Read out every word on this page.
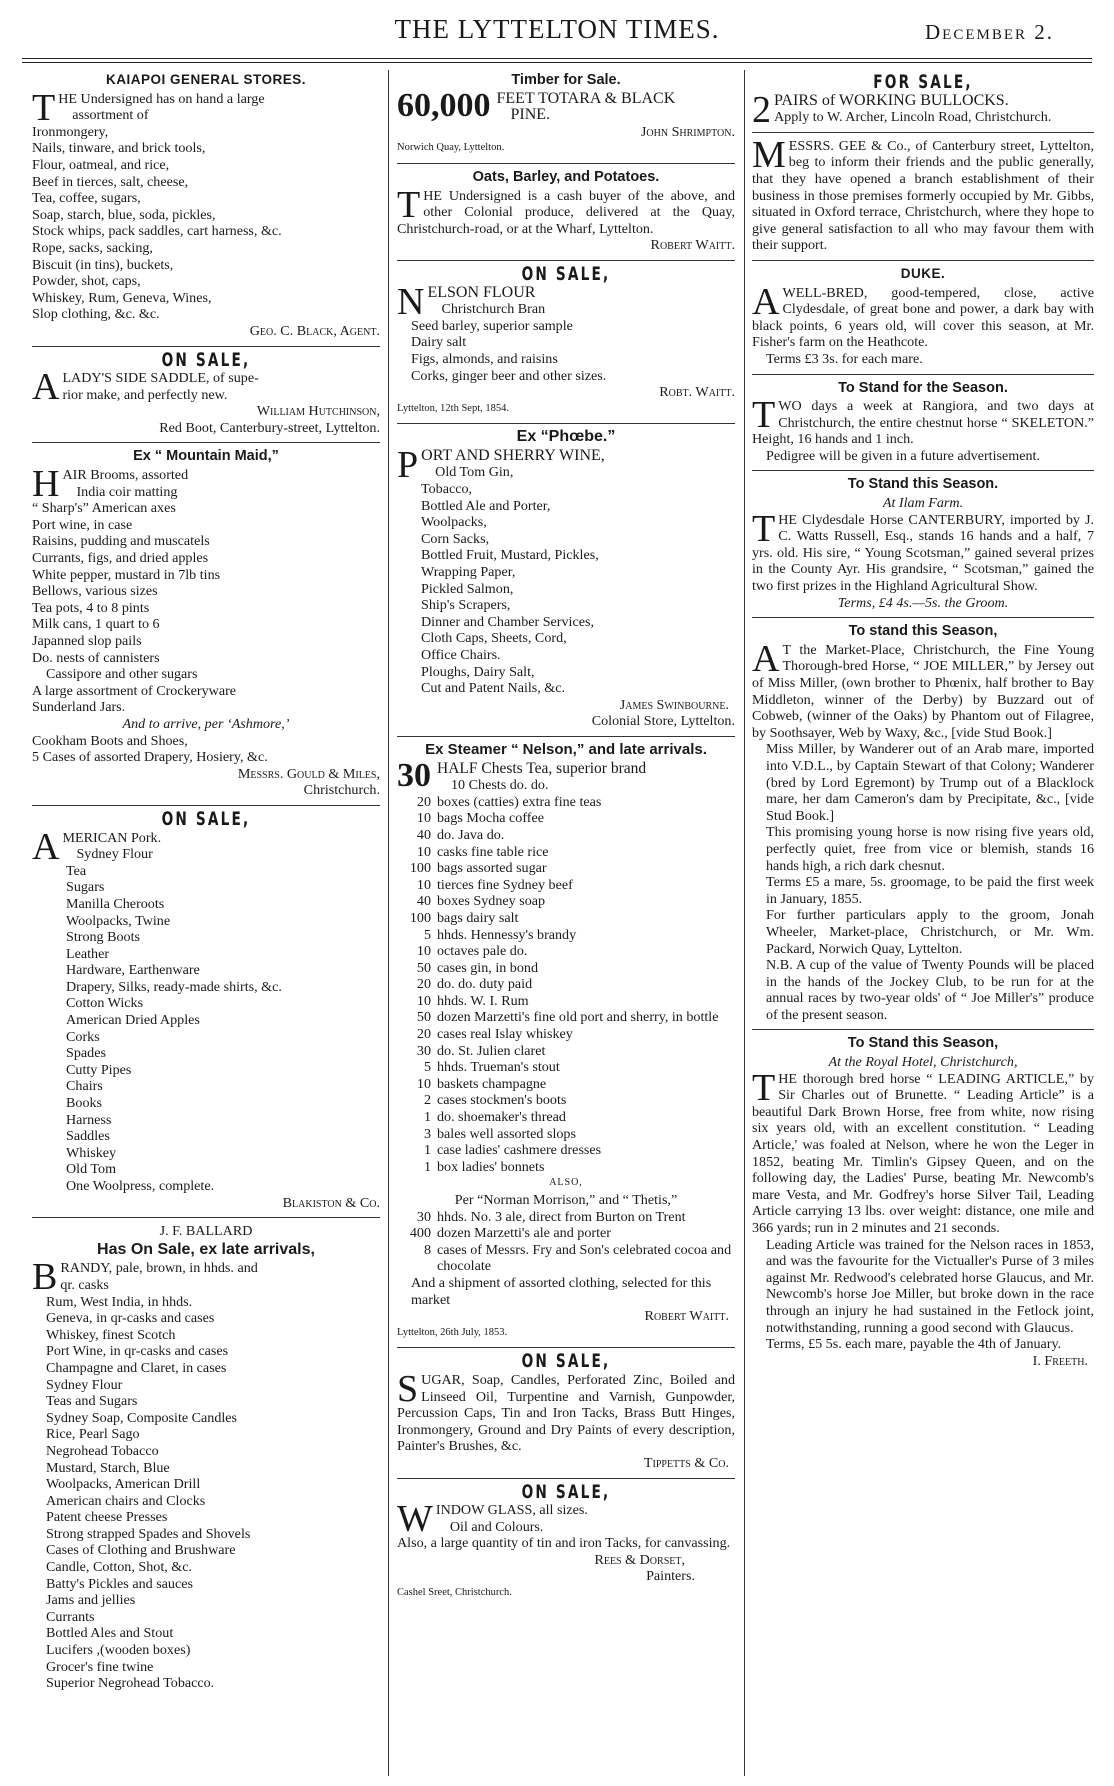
THE LYTTELTON TIMES.	December 2.
KAIAPOI GENERAL STORES.
THE Undersigned has on hand a large
assortment of
Ironmongery,
Nails, tinware, and brick tools,
Flour, oatmeal, and rice,
Beef in tierces, salt, cheese,
Tea, coffee, sugars,
Soap, starch, blue, soda, pickles,
Stock whips, pack saddles, cart harness, &c.
Rope, sacks, sacking,
Biscuit (in tins), buckets,
Powder, shot, caps,
Whiskey, Rum, Geneva, Wines,
Slop clothing, &c. &c.
Geo. C. Black, Agent.
ON SALE,
ALADY'S SIDE SADDLE, of supe-
rior make, and perfectly new.
William Hutchinson,
Red Boot, Canterbury-street, Lyttelton.
Ex “ Mountain Maid,”
HAIR Brooms, assorted
India coir matting
“ Sharp's” American axes
Port wine, in case
Raisins, pudding and muscatels
Currants, figs, and dried apples
White pepper, mustard in 7lb tins
Bellows, various sizes
Tea pots, 4 to 8 pints
Milk cans, 1 quart to 6
Japanned slop pails
Do. nests of cannisters
Cassipore and other sugars
A large assortment of Crockeryware
Sunderland Jars.
And to arrive, per ‘Ashmore,’
Cookham Boots and Shoes,
5 Cases of assorted Drapery, Hosiery, &c.
Messrs. Gould & Miles,
Christchurch.
ON SALE,
AMERICAN Pork.
Sydney Flour
Tea
Sugars
Manilla Cheroots
Woolpacks, Twine
Strong Boots
Leather
Hardware, Earthenware
Drapery, Silks, ready-made shirts, &c.
Cotton Wicks
American Dried Apples
Corks
Spades
Cutty Pipes
Chairs
Books
Harness
Saddles
Whiskey
Old Tom
One Woolpress, complete.
Blakiston & Co.
J. F. BALLARD
Has On Sale, ex late arrivals,
BRANDY, pale, brown, in hhds. and
qr. casks
Rum, West India, in hhds.
Geneva, in qr-casks and cases
Whiskey, finest Scotch
Port Wine, in qr-casks and cases
Champagne and Claret, in cases
Sydney Flour
Teas and Sugars
Sydney Soap, Composite Candles
Rice, Pearl Sago
Negrohead Tobacco
Mustard, Starch, Blue
Woolpacks, American Drill
American chairs and Clocks
Patent cheese Presses
Strong strapped Spades and Shovels
Cases of Clothing and Brushware
Candle, Cotton, Shot, &c.
Batty's Pickles and sauces
Jams and jellies
Currants
Bottled Ales and Stout
Lucifers ,(wooden boxes)
Grocer's fine twine
Superior Negrohead Tobacco.
Timber for Sale.
60,000 FEET TOTARA & BLACK
PINE.
John Shrimpton.
Norwich Quay, Lyttelton.
Oats, Barley, and Potatoes.
THE Undersigned is a cash buyer of the above, and other Colonial produce, delivered at the Quay, Christchurch-road, or at the Wharf, Lyttelton.
Robert Waitt.
ON SALE,
NELSON FLOUR
Christchurch Bran
Seed barley, superior sample
Dairy salt
Figs, almonds, and raisins
Corks, ginger beer and other sizes.
Robt. Waitt.
Lyttelton, 12th Sept, 1854.
Ex “Phœbe.”
PORT AND SHERRY WINE,
Old Tom Gin,
Tobacco,
Bottled Ale and Porter,
Woolpacks,
Corn Sacks,
Bottled Fruit, Mustard, Pickles,
Wrapping Paper,
Pickled Salmon,
Ship's Scrapers,
Dinner and Chamber Services,
Cloth Caps, Sheets, Cord,
Office Chairs.
Ploughs, Dairy Salt,
Cut and Patent Nails, &c.
James Swinbourne.
Colonial Store, Lyttelton.
Ex Steamer “ Nelson,” and late arrivals.
30 HALF Chests Tea, superior brand
10 Chests do. do.
20 boxes (catties) extra fine teas
10 bags Mocha coffee
40 do. Java do.
10 casks fine table rice
100 bags assorted sugar
10 tierces fine Sydney beef
40 boxes Sydney soap
100 bags dairy salt
5 hhds. Hennessy's brandy
10 octaves pale do.
50 cases gin, in bond
20 do. do. duty paid
10 hhds. W. I. Rum
50 dozen Marzetti's fine old port and sherry, in bottle
20 cases real Islay whiskey
30 do. St. Julien claret
5 hhds. Trueman's stout
10 baskets champagne
2 cases stockmen's boots
1 do. shoemaker's thread
3 bales well assorted slops
1 case ladies' cashmere dresses
1 box ladies' bonnets
ALSO,
Per “Norman Morrison,” and “ Thetis,”
30 hhds. No. 3 ale, direct from Burton on Trent
400 dozen Marzetti's ale and porter
8 cases of Messrs. Fry and Son's celebrated cocoa and chocolate
And a shipment of assorted clothing, selected for this market
Robert Waitt.
Lyttelton, 26th July, 1853.
ON SALE,
SUGAR, Soap, Candles, Perforated Zinc, Boiled and Linseed Oil, Turpentine and Varnish, Gunpowder, Percussion Caps, Tin and Iron Tacks, Brass Butt Hinges, Ironmongery, Ground and Dry Paints of every description, Painter's Brushes, &c.
Tippetts & Co.
ON SALE,
WINDOW GLASS, all sizes.
Oil and Colours.
Also, a large quantity of tin and iron Tacks, for canvassing.
Rees & Dorset,
Painters.
Cashel Sreet, Christchurch.
FOR SALE,
2 PAIRS of WORKING BULLOCKS.
Apply to W. Archer, Lincoln Road, Christchurch.
MESSRS. GEE & Co., of Canterbury street, Lyttelton, beg to inform their friends and the public generally, that they have opened a branch establishment of their business in those premises formerly occupied by Mr. Gibbs, situated in Oxford terrace, Christchurch, where they hope to give general satisfaction to all who may favour them with their support.
DUKE.
AWELL-BRED, good-tempered, close, active Clydesdale, of great bone and power, a dark bay with black points, 6 years old, will cover this season, at Mr. Fisher's farm on the Heathcote.
Terms £3 3s. for each mare.
To Stand for the Season.
TWO days a week at Rangiora, and two days at Christchurch, the entire chestnut horse “ SKELETON.” Height, 16 hands and 1 inch.
Pedigree will be given in a future advertisement.
To Stand this Season.
At Ilam Farm.
THE Clydesdale Horse CANTERBURY, imported by J. C. Watts Russell, Esq., stands 16 hands and a half, 7 yrs. old. His sire, “ Young Scotsman,” gained several prizes in the County Ayr. His grandsire, “ Scotsman,” gained the two first prizes in the Highland Agricultural Show.
Terms, £4 4s.—5s. the Groom.
To stand this Season,
A T the Market-Place, Christchurch, the Fine Young Thorough-bred Horse, “ JOE MILLER,” by Jersey out of Miss Miller, (own brother to Phœnix, half brother to Bay Middleton, winner of the Derby) by Buzzard out of Cobweb, (winner of the Oaks) by Phantom out of Filagree, by Soothsayer, Web by Waxy, &c., [vide Stud Book.]
Miss Miller, by Wanderer out of an Arab mare, imported into V.D.L., by Captain Stewart of that Colony; Wanderer (bred by Lord Egremont) by Trump out of a Blacklock mare, her dam Cameron's dam by Precipitate, &c., [vide Stud Book.]
This promising young horse is now rising five years old, perfectly quiet, free from vice or blemish, stands 16 hands high, a rich dark chesnut.
Terms £5 a mare, 5s. groomage, to be paid the first week in January, 1855.
For further particulars apply to the groom, Jonah Wheeler, Market-place, Christchurch, or Mr. Wm. Packard, Norwich Quay, Lyttelton.
N.B. A cup of the value of Twenty Pounds will be placed in the hands of the Jockey Club, to be run for at the annual races by two-year olds' of “ Joe Miller's” produce of the present season.
To Stand this Season,
At the Royal Hotel, Christchurch,
THE thorough bred horse “ LEADING ARTICLE,” by Sir Charles out of Brunette. “ Leading Article” is a beautiful Dark Brown Horse, free from white, now rising six years old, with an excellent constitution. “ Leading Article,' was foaled at Nelson, where he won the Leger in 1852, beating Mr. Timlin's Gipsey Queen, and on the following day, the Ladies' Purse, beating Mr. Newcomb's mare Vesta, and Mr. Godfrey's horse Silver Tail, Leading Article carrying 13 lbs. over weight: distance, one mile and 366 yards; run in 2 minutes and 21 seconds.
Leading Article was trained for the Nelson races in 1853, and was the favourite for the Victualler's Purse of 3 miles against Mr. Redwood's celebrated horse Glaucus, and Mr. Newcomb's horse Joe Miller, but broke down in the race through an injury he had sustained in the Fetlock joint, notwithstanding, running a good second with Glaucus.
Terms, £5 5s. each mare, payable the 4th of January.
I. Freeth.
